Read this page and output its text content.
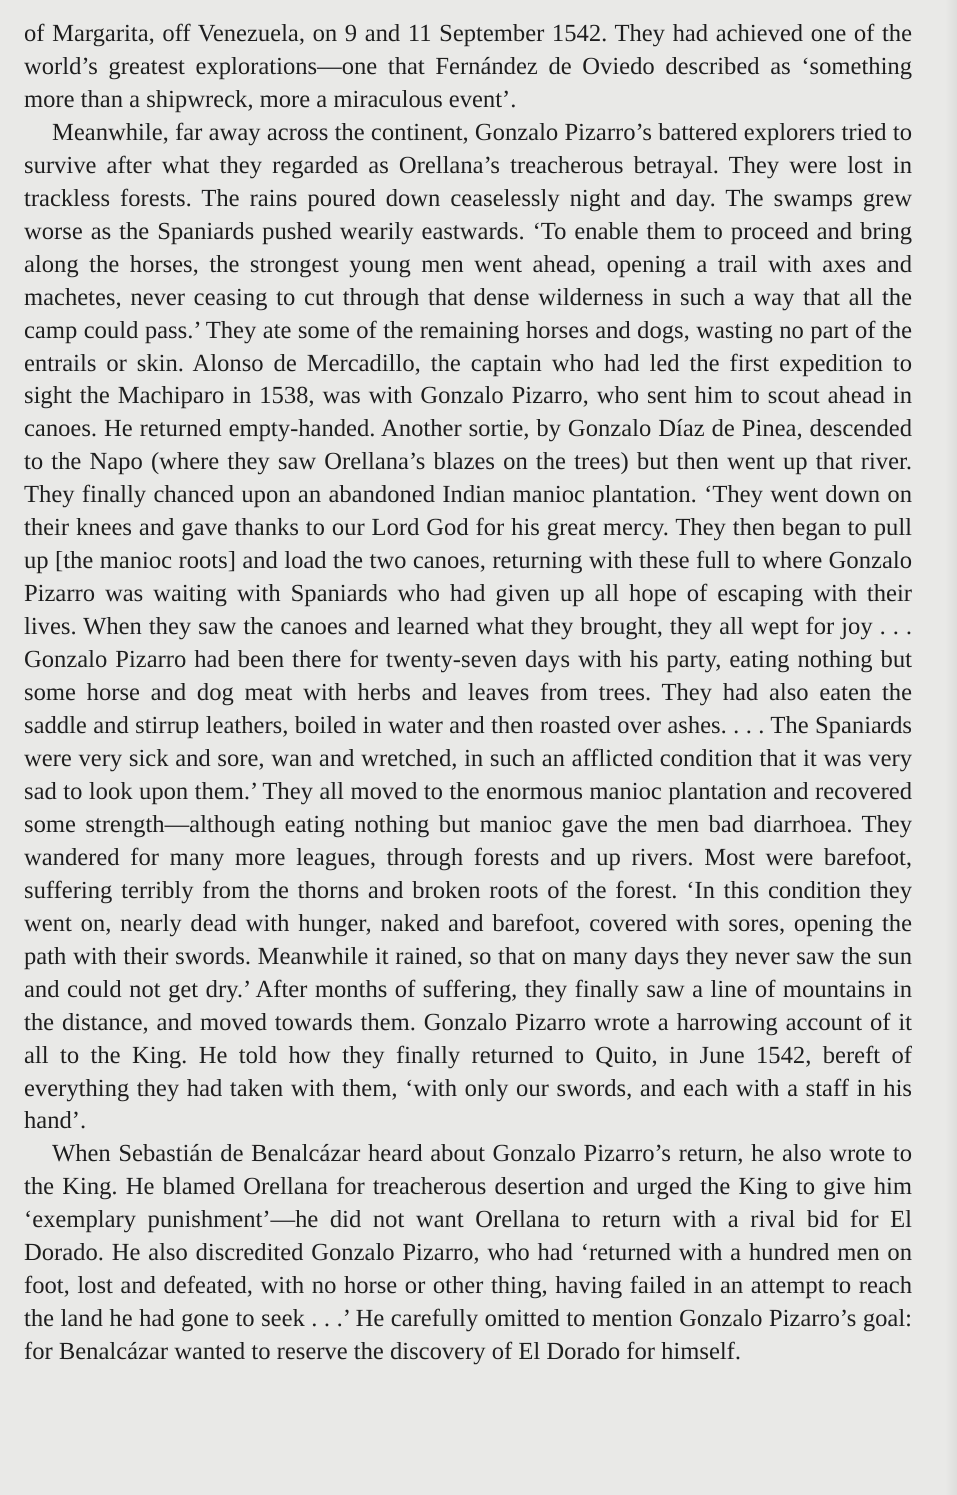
of Margarita, off Venezuela, on 9 and 11 September 1542. They had achieved one of the world’s greatest explorations—one that Fernández de Oviedo described as ‘something more than a shipwreck, more a miraculous event’.

Meanwhile, far away across the continent, Gonzalo Pizarro’s battered explorers tried to survive after what they regarded as Orellana’s treacherous betrayal. They were lost in trackless forests. The rains poured down ceaselessly night and day. The swamps grew worse as the Spaniards pushed wearily eastwards. ‘To enable them to proceed and bring along the horses, the strongest young men went ahead, opening a trail with axes and machetes, never ceasing to cut through that dense wilderness in such a way that all the camp could pass.’ They ate some of the remaining horses and dogs, wasting no part of the entrails or skin. Alonso de Mercadillo, the captain who had led the first expedition to sight the Machiparo in 1538, was with Gonzalo Pizarro, who sent him to scout ahead in canoes. He returned empty-handed. Another sortie, by Gonzalo Díaz de Pinea, descended to the Napo (where they saw Orellana’s blazes on the trees) but then went up that river. They finally chanced upon an abandoned Indian manioc plantation. ‘They went down on their knees and gave thanks to our Lord God for his great mercy. They then began to pull up [the manioc roots] and load the two canoes, returning with these full to where Gonzalo Pizarro was waiting with Spaniards who had given up all hope of escaping with their lives. When they saw the canoes and learned what they brought, they all wept for joy . . . Gonzalo Pizarro had been there for twenty-seven days with his party, eating nothing but some horse and dog meat with herbs and leaves from trees. They had also eaten the saddle and stirrup leathers, boiled in water and then roasted over ashes. . . . The Spaniards were very sick and sore, wan and wretched, in such an afflicted condition that it was very sad to look upon them.’ They all moved to the enormous manioc plantation and recovered some strength—although eating nothing but manioc gave the men bad diarrhoea. They wandered for many more leagues, through forests and up rivers. Most were barefoot, suffering terribly from the thorns and broken roots of the forest. ‘In this condition they went on, nearly dead with hunger, naked and barefoot, covered with sores, opening the path with their swords. Meanwhile it rained, so that on many days they never saw the sun and could not get dry.’ After months of suffering, they finally saw a line of mountains in the distance, and moved towards them. Gonzalo Pizarro wrote a harrowing account of it all to the King. He told how they finally returned to Quito, in June 1542, bereft of everything they had taken with them, ‘with only our swords, and each with a staff in his hand’.

When Sebastián de Benalcázar heard about Gonzalo Pizarro’s return, he also wrote to the King. He blamed Orellana for treacherous desertion and urged the King to give him ‘exemplary punishment’—he did not want Orellana to return with a rival bid for El Dorado. He also discredited Gonzalo Pizarro, who had ‘returned with a hundred men on foot, lost and defeated, with no horse or other thing, having failed in an attempt to reach the land he had gone to seek . . .’ He carefully omitted to mention Gonzalo Pizarro’s goal: for Benalcázar wanted to reserve the discovery of El Dorado for himself.
